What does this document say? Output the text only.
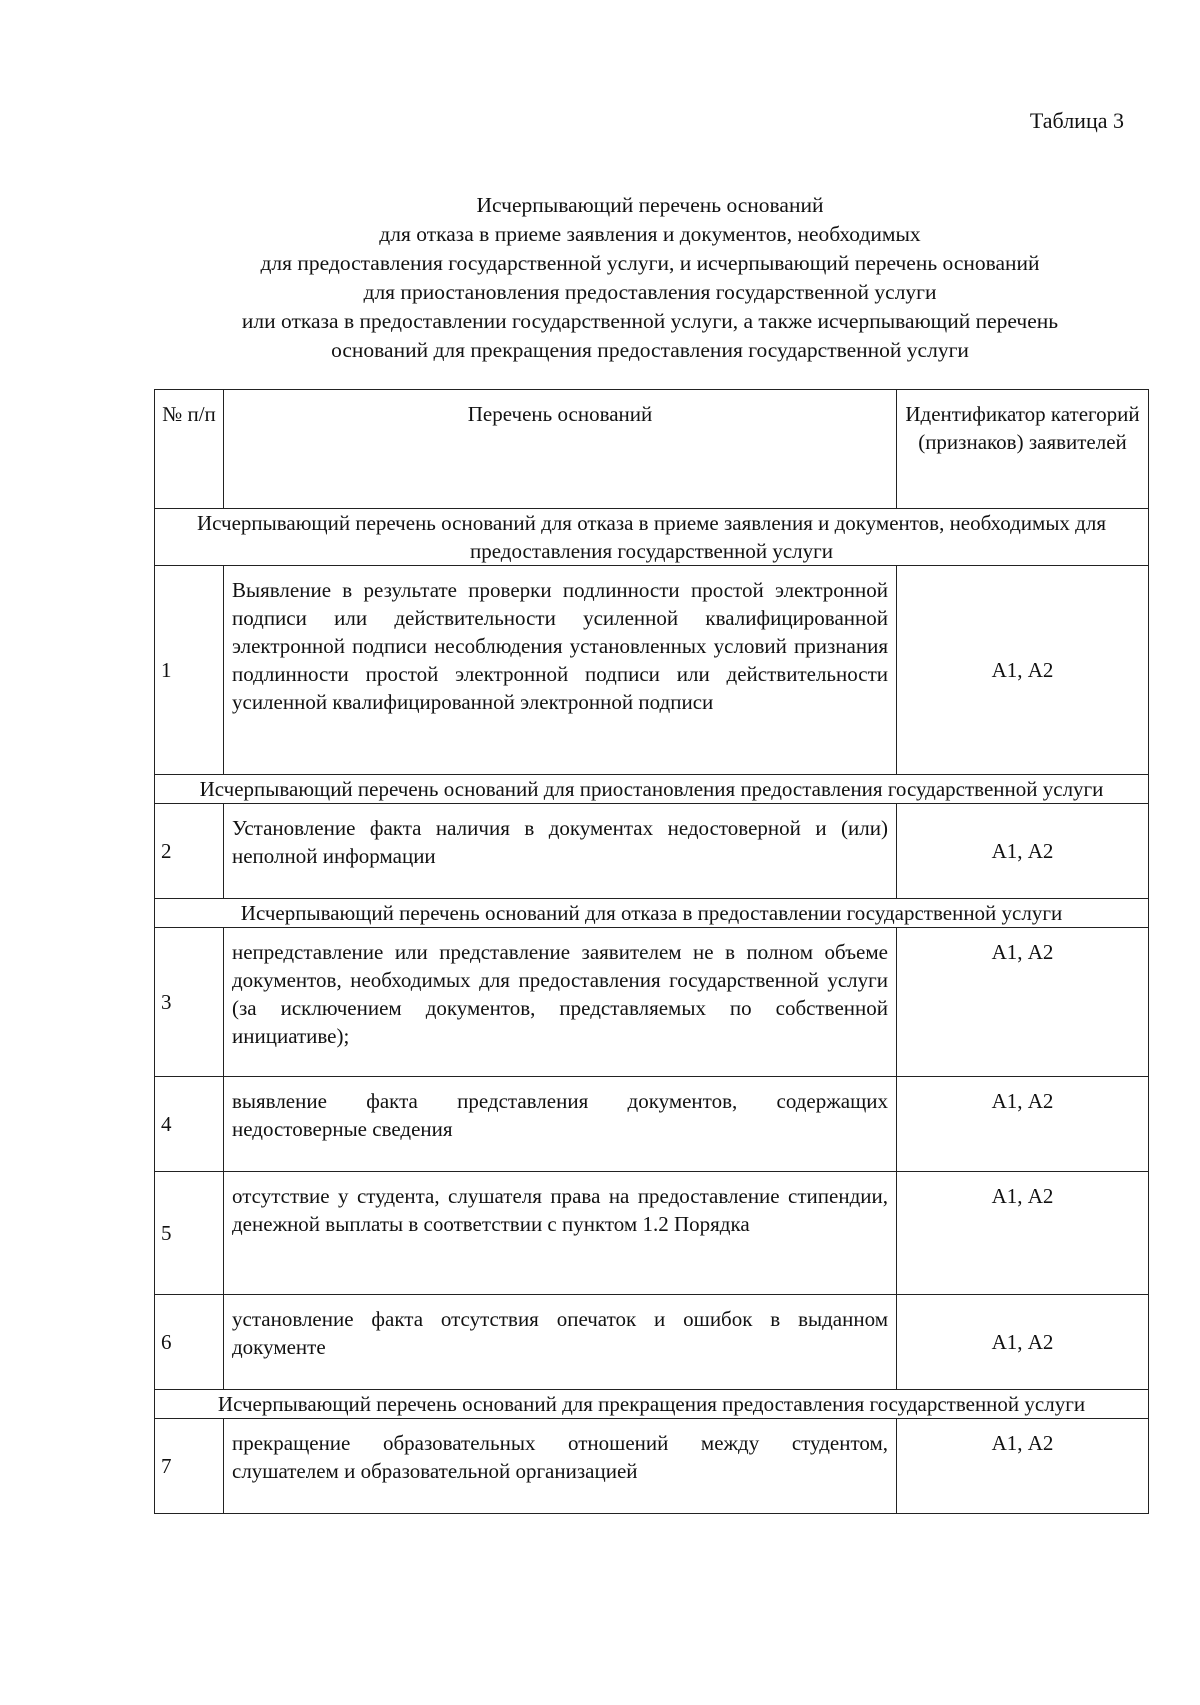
Таблица 3
Исчерпывающий перечень оснований
для отказа в приеме заявления и документов, необходимых
для предоставления государственной услуги, и исчерпывающий перечень оснований
для приостановления предоставления государственной услуги
или отказа в предоставлении государственной услуги, а также исчерпывающий перечень
оснований для прекращения предоставления государственной услуги
№ п/п	Перечень оснований	Идентификатор категорий (признаков) заявителей
Исчерпывающий перечень оснований для отказа в приеме заявления и документов, необходимых для предоставления государственной услуги		
1	Выявление в результате проверки подлинности простой электронной подписи или действительности усиленной квалифицированной электронной подписи несоблюдения установленных условий признания подлинности простой электронной подписи или действительности усиленной квалифицированной электронной подписи	А1, А2
Исчерпывающий перечень оснований для приостановления предоставления государственной услуги		
2	Установление факта наличия в документах недостоверной и (или) неполной информации	А1, А2
Исчерпывающий перечень оснований для отказа в предоставлении государственной услуги		
3	непредставление или представление заявителем не в полном объеме документов, необходимых для предоставления государственной услуги (за исключением документов, представляемых по собственной инициативе);	А1, А2
4	выявление факта представления документов, содержащих недостоверные сведения	А1, А2
5	отсутствие у студента, слушателя права на предоставление стипендии, денежной выплаты в соответствии с пунктом 1.2 Порядка	А1, А2
6	установление факта отсутствия опечаток и ошибок в выданном документе	А1, А2
Исчерпывающий перечень оснований для прекращения предоставления государственной услуги		
7	прекращение образовательных отношений между студентом, слушателем и образовательной организацией	А1, А2
